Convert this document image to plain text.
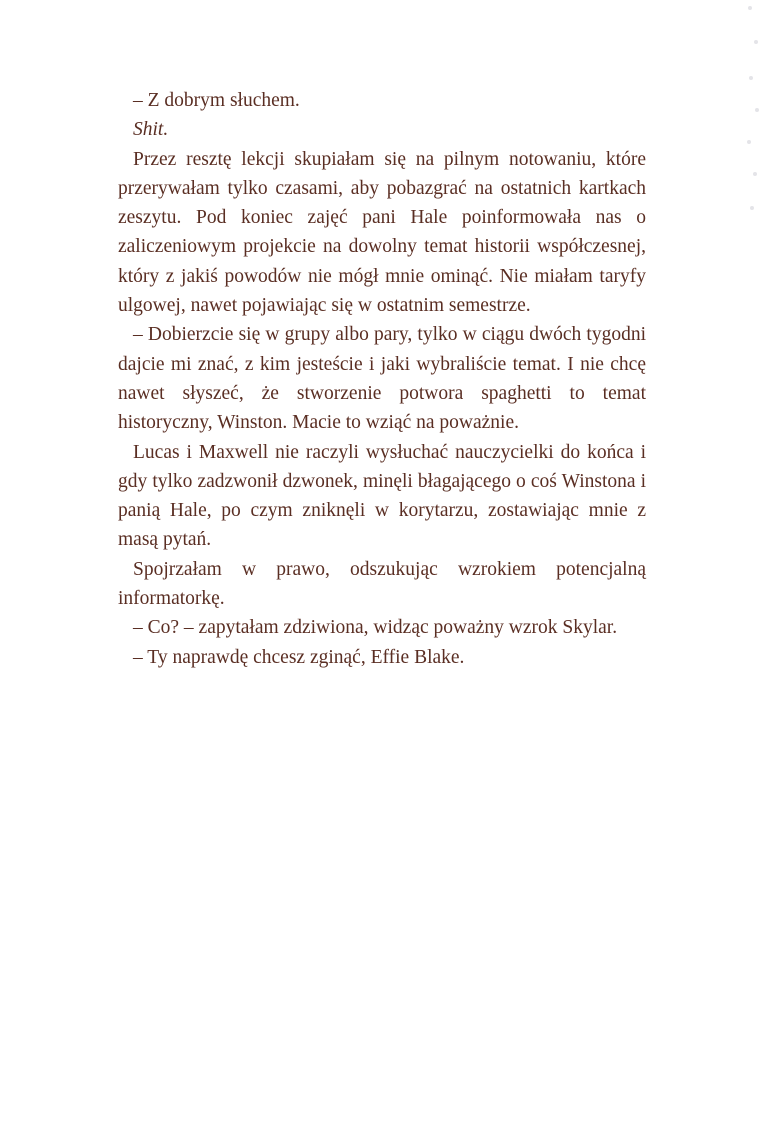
– Z dobrym słuchem.

Shit.

Przez resztę lekcji skupiałam się na pilnym notowaniu, które przerywałam tylko czasami, aby pobazgrać na ostatnich kartkach zeszytu. Pod koniec zajęć pani Hale poinformowała nas o zaliczeniowym projekcie na dowolny temat historii współczesnej, który z jakiś powodów nie mógł mnie ominąć. Nie miałam taryfy ulgowej, nawet pojawiając się w ostatnim semestrze.

– Dobierzcie się w grupy albo pary, tylko w ciągu dwóch tygodni dajcie mi znać, z kim jesteście i jaki wybraliście temat. I nie chcę nawet słyszeć, że stworzenie potwora spaghetti to temat historyczny, Winston. Macie to wziąć na poważnie.

Lucas i Maxwell nie raczyli wysłuchać nauczycielki do końca i gdy tylko zadzwonił dzwonek, minęli błagającego o coś Winstona i panią Hale, po czym zniknęli w korytarzu, zostawiając mnie z masą pytań.

Spojrzałam w prawo, odszukując wzrokiem potencjalną informatorkę.

– Co? – zapytałam zdziwiona, widząc poważny wzrok Skylar.

– Ty naprawdę chcesz zginąć, Effie Blake.
